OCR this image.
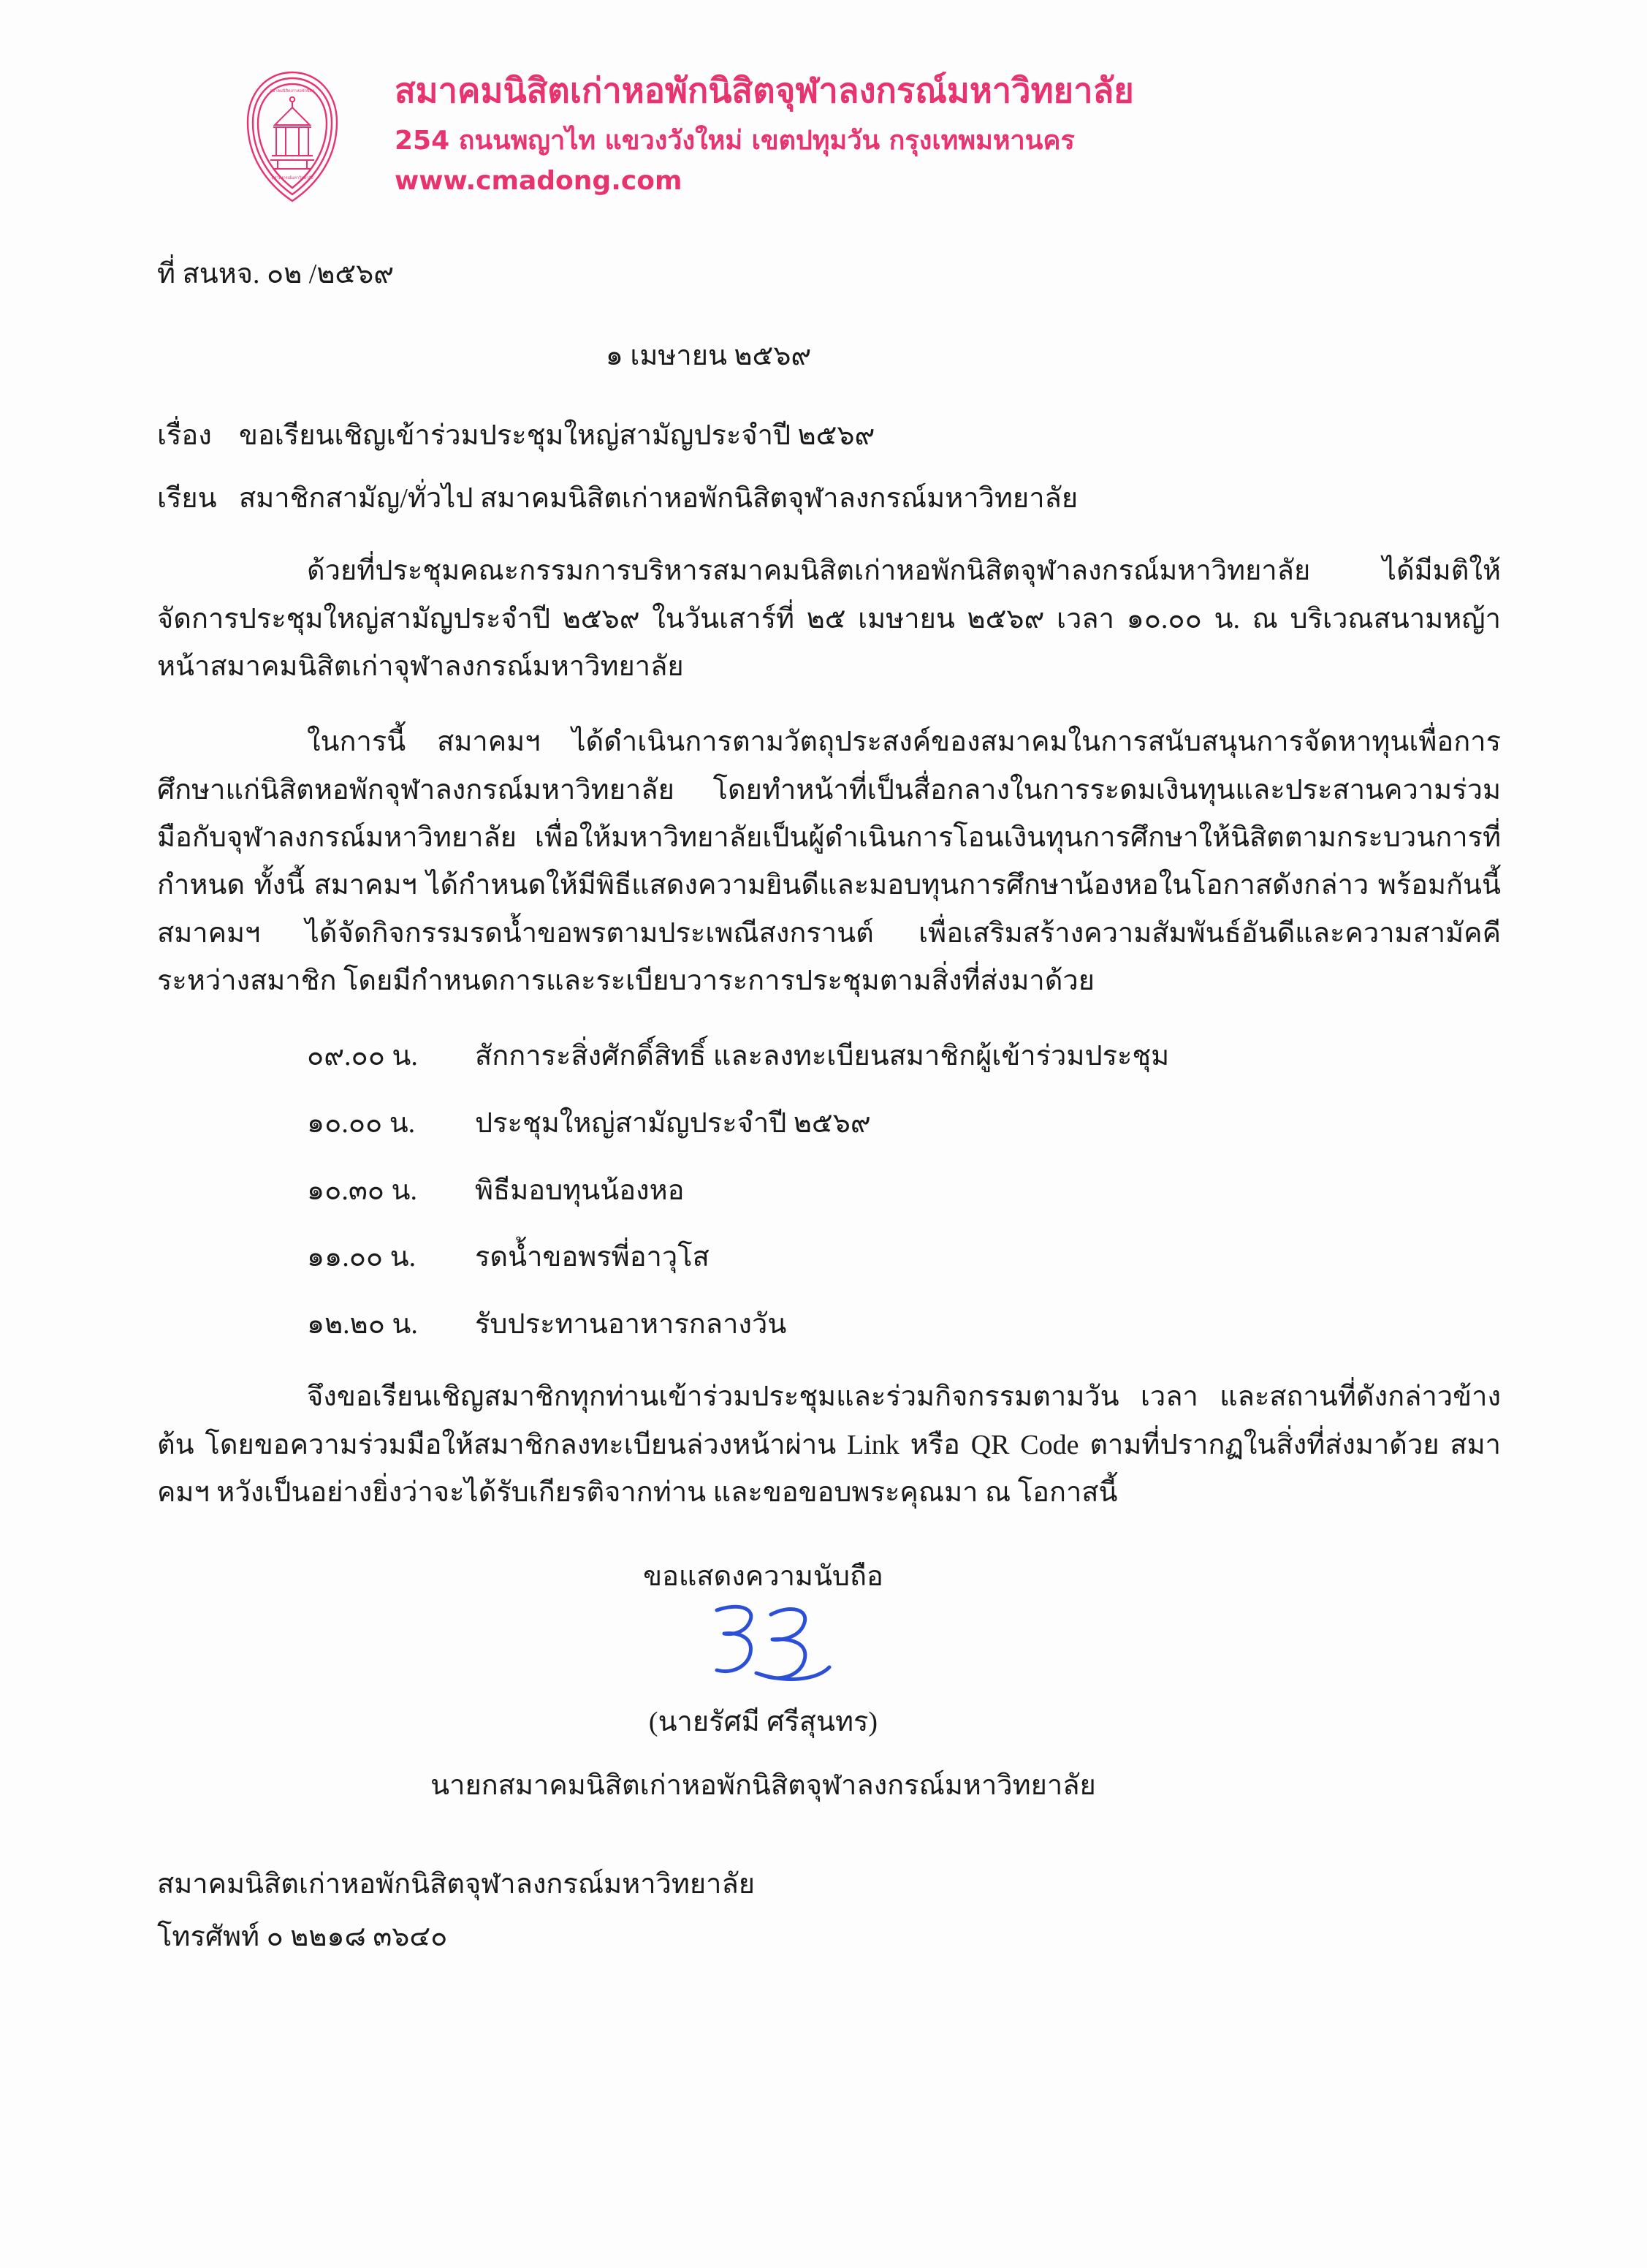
สมาคมนิสิตเก่าหอพักนิสิต
จุฬาลงกรณ์มหาวิทยาลัย
สมาคมนิสิตเก่าหอพักนิสิตจุฬาลงกรณ์มหาวิทยาลัย
254 ถนนพญาไท แขวงวังใหม่ เขตปทุมวัน กรุงเทพมหานคร
www.cmadong.com
ที่ สนหจ. ๐๒ /๒๕๖๙
๑ เมษายน ๒๕๖๙
เรื่อง ขอเรียนเชิญเข้าร่วมประชุมใหญ่สามัญประจำปี ๒๕๖๙
เรียน สมาชิกสามัญ/ทั่วไป สมาคมนิสิตเก่าหอพักนิสิตจุฬาลงกรณ์มหาวิทยาลัย

ด้วยที่ประชุมคณะกรรมการบริหารสมาคมนิสิตเก่าหอพักนิสิตจุฬาลงกรณ์มหาวิทยาลัย ได้มีมติให้จัดการประชุมใหญ่สามัญประจำปี ๒๕๖๙ ในวันเสาร์ที่ ๒๕ เมษายน ๒๕๖๙ เวลา ๑๐.๐๐ น. ณ บริเวณสนามหญ้าหน้าสมาคมนิสิตเก่าจุฬาลงกรณ์มหาวิทยาลัย

ในการนี้ สมาคมฯ ได้ดำเนินการตามวัตถุประสงค์ของสมาคมในการสนับสนุนการจัดหาทุนเพื่อการศึกษาแก่นิสิตหอพักจุฬาลงกรณ์มหาวิทยาลัย โดยทำหน้าที่เป็นสื่อกลางในการระดมเงินทุนและประสานความร่วมมือกับจุฬาลงกรณ์มหาวิทยาลัย เพื่อให้มหาวิทยาลัยเป็นผู้ดำเนินการโอนเงินทุนการศึกษาให้นิสิตตามกระบวนการที่กำหนด ทั้งนี้ สมาคมฯ ได้กำหนดให้มีพิธีแสดงความยินดีและมอบทุนการศึกษาน้องหอในโอกาสดังกล่าว พร้อมกันนี้ สมาคมฯ ได้จัดกิจกรรมรดน้ำขอพรตามประเพณีสงกรานต์ เพื่อเสริมสร้างความสัมพันธ์อันดีและความสามัคคีระหว่างสมาชิก โดยมีกำหนดการและระเบียบวาระการประชุมตามสิ่งที่ส่งมาด้วย

๐๙.๐๐ น.	สักการะสิ่งศักดิ์สิทธิ์ และลงทะเบียนสมาชิกผู้เข้าร่วมประชุม
๑๐.๐๐ น.	ประชุมใหญ่สามัญประจำปี ๒๕๖๙
๑๐.๓๐ น.	พิธีมอบทุนน้องหอ
๑๑.๐๐ น.	รดน้ำขอพรพี่อาวุโส
๑๒.๒๐ น.	รับประทานอาหารกลางวัน

จึงขอเรียนเชิญสมาชิกทุกท่านเข้าร่วมประชุมและร่วมกิจกรรมตามวัน เวลา และสถานที่ดังกล่าวข้างต้น โดยขอความร่วมมือให้สมาชิกลงทะเบียนล่วงหน้าผ่าน Link หรือ QR Code ตามที่ปรากฏในสิ่งที่ส่งมาด้วย สมาคมฯ หวังเป็นอย่างยิ่งว่าจะได้รับเกียรติจากท่าน และขอขอบพระคุณมา ณ โอกาสนี้

ขอแสดงความนับถือ
(นายรัศมี ศรีสุนทร)
นายกสมาคมนิสิตเก่าหอพักนิสิตจุฬาลงกรณ์มหาวิทยาลัย
สมาคมนิสิตเก่าหอพักนิสิตจุฬาลงกรณ์มหาวิทยาลัย
โทรศัพท์ ๐ ๒๒๑๘ ๓๖๔๐
